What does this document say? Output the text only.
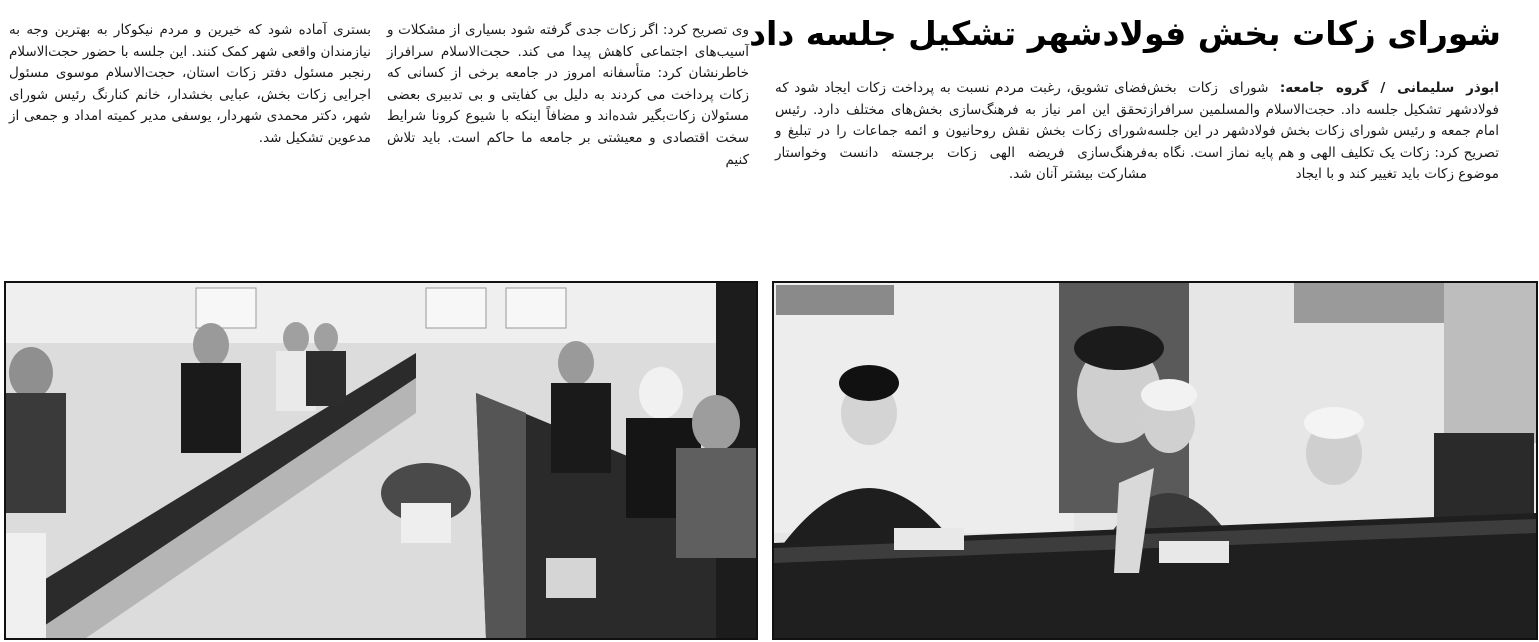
شورای زکات بخش فولادشهر تشکیل جلسه داد

ابوذر سلیمانی / گروه جامعه: شورای زکات بخش فولادشهر تشکیل جلسه داد. حجت‌الاسلام والمسلمین سرافراز امام جمعه و رئیس شورای زکات بخش فولادشهر در این جلسه تصریح کرد: زکات یک تکلیف الهی و هم پایه نماز است. نگاه به موضوع زکات باید تغییر کند و با ایجاد

فضای تشویق، رغبت مردم نسبت به پرداخت زکات ایجاد شود که تحقق این امر نیاز به فرهنگ‌سازی بخش‌های مختلف دارد. رئیس شورای زکات بخش نقش روحانیون و ائمه جماعات را در تبلیغ و فرهنگ‌سازی فریضه الهی زکات برجسته دانست وخواستار مشارکت بیشتر آنان شد.

وی تصریح کرد: اگر زکات جدی گرفته شود بسیاری از مشکلات و آسیب‌های اجتماعی کاهش پیدا می کند. حجت‌الاسلام سرافراز خاطرنشان کرد: متأسفانه امروز در جامعه برخی از کسانی که زکات پرداخت می کردند به دلیل بی کفایتی و بی تدبیری بعضی مسئولان زکات‌بگیر شده‌اند و مضافاً اینکه با شیوع کرونا شرایط سخت اقتصادی و معیشتی بر جامعه ما حاکم است. باید تلاش کنیم

بستری آماده شود که خیرین و مردم نیکوکار به بهترین وجه به نیازمندان واقعی شهر کمک کنند. این جلسه با حضور حجت‌الاسلام رنجبر مسئول دفتر زکات استان، حجت‌الاسلام موسوی مسئول اجرایی زکات بخش، عبایی بخشدار، خانم کنارنگ رئیس شورای شهر، دکتر محمدی شهردار، یوسفی مدیر کمیته امداد و جمعی از مدعوین تشکیل شد.
